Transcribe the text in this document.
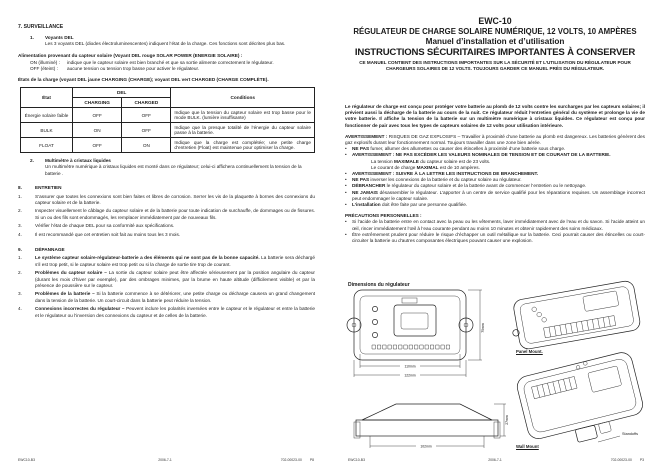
7. SURVEILLANCE
1.	Voyants DEL
Les 3 voyants DEL (diodes électroluminescentes) indiquent l’état de la charge. Ces fonctions sont décrites plus bas.
Alimentation provenant du capteur solaire (Voyant DEL rouge SOLAR POWER (ENERGIE SOLAIRE) :
ON (illuminé) :	indique que le capteur solaire est bien branché et que sa sortie alimente correctement le régulateur.
OFF (éteint) :	aucune tension ou tension trop basse pour activer le régulateur.
États de la charge (voyant DEL jaune CHARGING (CHARGE); voyant DEL vert CHARGED (CHARGE COMPLÈTE).
État	DEL		Conditions
	CHARGING	CHARGED	
Énergie solaire faible	OFF	OFF	Indique que la tension du capteur solaire est trop basse pour le mode BULK. (lumière insuffisante)
BULK	ON	OFF	Indique que la presque totalité de l’énergie du capteur solaire passe à la batterie.
FLOAT	OFF	ON	Indique que la charge est complétée; une petite charge d’entretien (Float) est maintenue pour optimiser la charge.
2.	Multimètre à cristaux liquides
Un multimètre numérique à cristaux liquides est monté dans ce régulateur; celui-ci affichera continuellement la tension de la batterie .
8.	ENTRETIEN
1.	S’assurer que toutes les connexions sont bien faites et libres de corrosion. Serrer les vis de la plaquette à bornes des connexions du capteur solaire et de la batterie.
2.	Inspecter visuellement le câblage du capteur solaire et de la batterie pour toute indication de surchauffe, de dommages ou de fissures. Si un ou des fils sont endommagés, les remplacer immédiatement par de nouveaux fils.
3.	Vérifier l’état de chaque DEL pour sa conformité aux spécifications.
4.	Il est recommandé que cet entretien soit fait au moins tous les 3 mois.
9.	DÉPANNAGE
1.	Le système capteur solaire-régulateur-batterie a des éléments qui ne sont pas de la bonne capacité. La batterie sera déchargé s’il est trop petit, si le capteur solaire est trop petit ou si la charge de sortie tire trop de courant.
2.	Problèmes du capteur solaire – La sortie du capteur solaire peut être affectée sérieusement par la position angulaire du capteur (durant les mois d’hiver par exemple), par des ombrages minimes, par la brume en haute altitude (difficilement visible) et par la présence de poussière sur le capteur.
3.	Problèmes de la batterie – Si la batterie commence à se détériorer, une petite charge ou décharge causera un grand changement dans la tension de la batterie. Un court-circuit dans la batterie peut réduire la tension.
4.	Connexions incorrectes du régulateur – Peuvent inclure les polarités inversées entre le capteur et le régulateur et entre la batterie et le régulateur ou l’inversion des connexions du capteur et de celles de la batterie.
EWC10-B3	2006-7-1	702-00023-00 P8
EWC-10
RÉGULATEUR DE CHARGE SOLAIRE NUMÉRIQUE, 12 VOLTS, 10 AMPÈRES
Manuel d’installation et d’utilisation
INSTRUCTIONS SÉCURITAIRES IMPORTANTES À CONSERVER
CE MANUEL CONTIENT DES INSTRUCTIONS IMPORTANTES SUR LA SÉCURITÉ ET L’UTILISATION DU RÉGULATEUR POUR CHARGEURS SOLAIRES DE 12 VOLTS. TOUJOURS GARDER CE MANUEL PRÈS DU RÉGULATEUR.
Le régulateur de charge est conçu pour protéger votre batterie au plomb de 12 volts contre les surcharges par les capteurs solaires; il prévient aussi la décharge de la batterie au cours de la nuit. Ce régulateur réduit l’entretien général du système et prolonge la vie de votre batterie. Il affiche la tension de la batterie sur un multimètre numérique à cristaux liquides. Ce régulateur est conçu pour fonctionner de pair avec tous les types de capteurs solaires de 12 volts pour utilisation intérieure.
AVERTISSEMENT : RISQUES DE GAZ EXPLOSIFS – Travailler à proximité d’une batterie au plomb est dangereux. Les batteries génèrent des gaz explosifs durant leur fonctionnement normal. Toujours travailler dans une zone bien aérée.
•	NE PAS fumer, allumer des allumettes ou causer des étincelles à proximité d’une batterie sous charge.
•	AVERTISSEMENT : NE PAS EXCÉDER LES VALEURS NOMINALES DE TENSION ET DE COURANT DE LA BATTERIE.
La tension MAXIMALE du capteur solaire est de 23 volts.
Le courant de charge MAXIMAL est de 10 ampères.
•	AVERTISSEMENT : SUIVRE À LA LETTRE LES INSTRUCTIONS DE BRANCHEMENT.
•	NE PAS inverser les connexions de la batterie et du capteur solaire au régulateur.
•	DÉBRANCHER le régulateur du capteur solaire et de la batterie avant de commencer l’entretien ou le nettoyage.
•	NE JAMAIS désassembler le régulateur. L’apporter à un centre de service qualifié pour les réparations requises. Un assemblage incorrect peut endommager le capteur solaire.
•	L’installation doit être faite par une personne qualifiée.
PRÉCAUTIONS PERSONNELLES :
•	Si l’acide de la batterie entre en contact avec la peau ou les vêtements, laver immédiatement avec de l’eau et du savon. Si l’acide atteint un œil, rincer immédiatement l’œil à l’eau courante pendant au moins 10 minutes et obtenir rapidement des soins médicaux.
•	Être extrêmement prudent pour réduire le risque d’échapper un outil métallique sur la batterie. Ceci pourrait causer des étincelles ou court-circuiter la batterie ou d’autres composantes électriques pouvant causer une explosion.
Dimensions du régulateur
110mm
122mm
75mm
Panel Mount.
102mm
27mm
Wall Mount
Standoffs
EWC10-B3	2006-7-1	702-00023-00 P3
